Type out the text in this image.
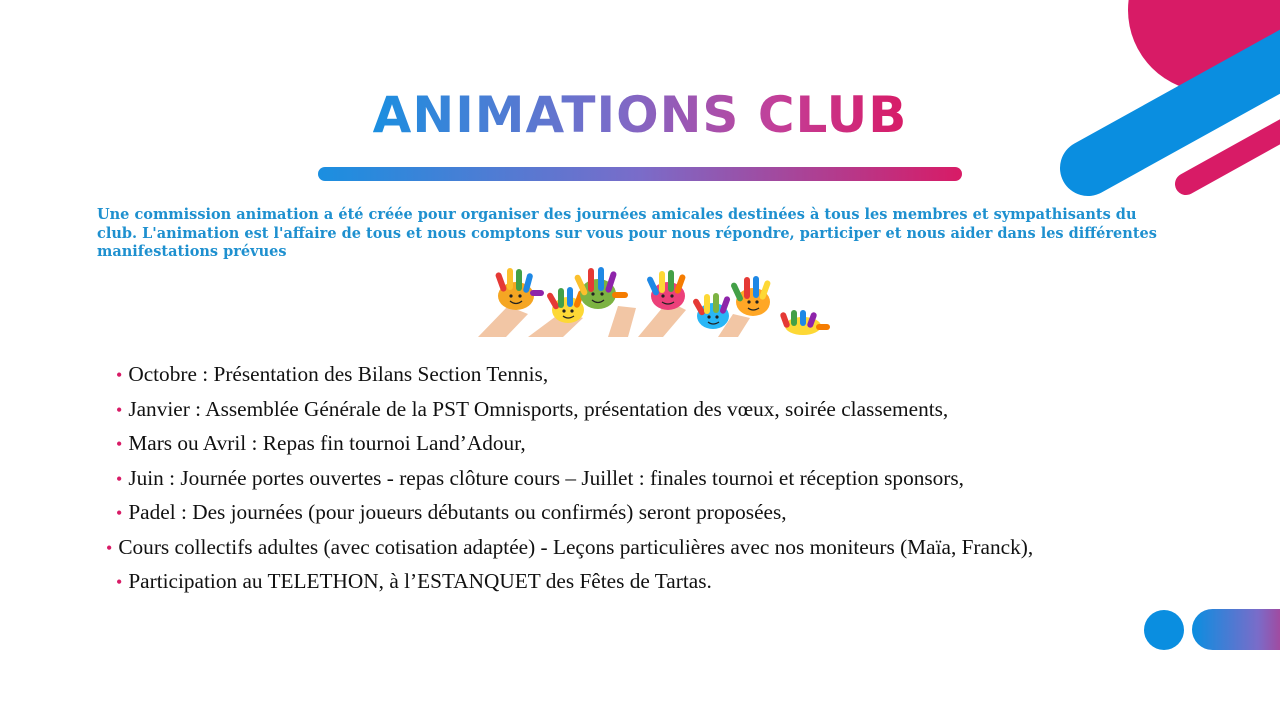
ANIMATIONS CLUB

Une commission animation a été créée pour organiser des journées amicales destinées à tous les membres et sympathisants du club. L'animation est l'affaire de tous et nous comptons sur vous pour nous répondre, participer et nous aider dans les différentes manifestations prévues

• Octobre : Présentation des Bilans Section Tennis,
• Janvier : Assemblée Générale de la PST Omnisports, présentation des vœux, soirée classements,
• Mars ou Avril : Repas fin tournoi Land’Adour,
• Juin : Journée portes ouvertes - repas clôture cours – Juillet : finales tournoi et réception sponsors,
• Padel : Des journées (pour joueurs débutants ou confirmés) seront proposées,
• Cours collectifs adultes (avec cotisation adaptée) - Leçons particulières avec nos moniteurs (Maïa, Franck),
• Participation au TELETHON, à l’ESTANQUET des Fêtes de Tartas.
